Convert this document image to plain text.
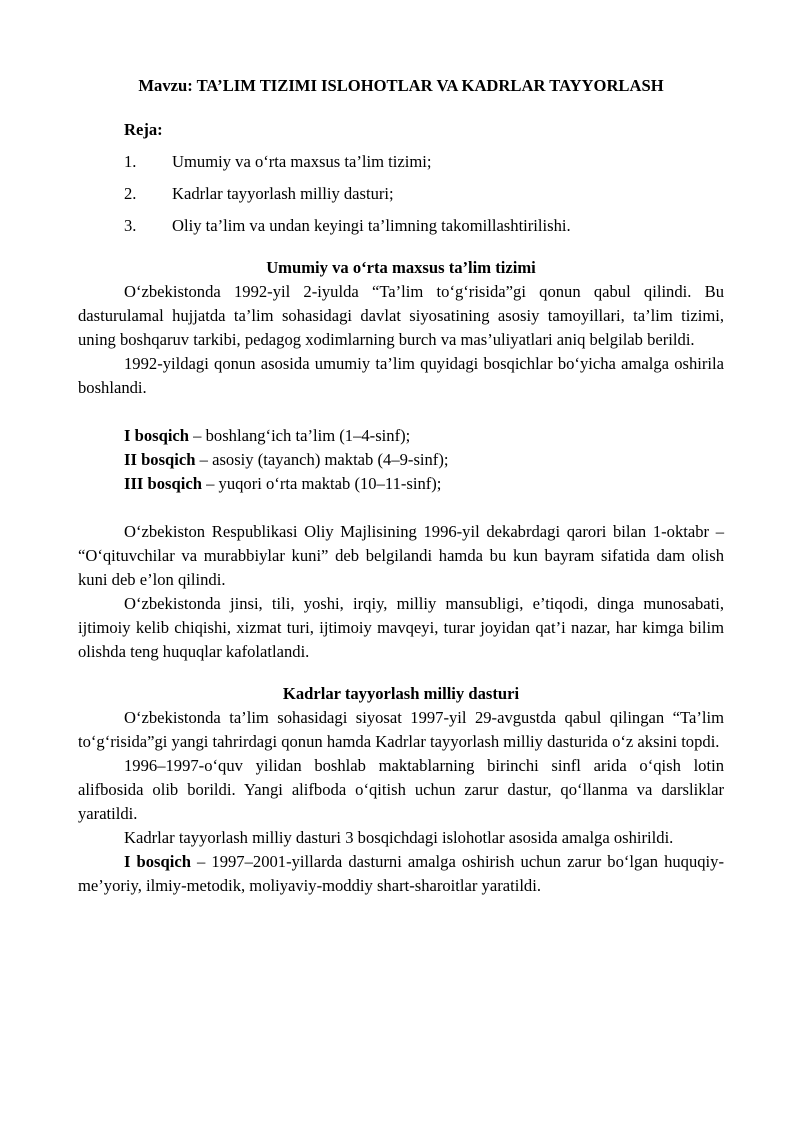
Mavzu: TA’LIM TIZIMI ISLOHOTLAR VA KADRLAR TAYYORLASH
Reja:
1.	Umumiy va o‘rta maxsus ta’lim tizimi;
2.	Kadrlar tayyorlash milliy dasturi;
3.	Oliy ta’lim va undan keyingi ta’limning takomillashtirilishi.
Umumiy va o‘rta maxsus ta’lim tizimi

O‘zbekistonda 1992-yil 2-iyulda “Ta’lim to‘g‘risida”gi qonun qabul qilindi. Bu dasturulamal hujjatda ta’lim sohasidagi davlat siyosatining asosiy tamoyillari, ta’lim tizimi, uning boshqaruv tarkibi, pedagog xodimlarning burch va mas’uliyatlari aniq belgilab berildi.

1992-yildagi qonun asosida umumiy ta’lim quyidagi bosqichlar bo‘yicha amalga oshirila boshlandi.

I bosqich – boshlang‘ich ta’lim (1–4-sinf);
II bosqich – asosiy (tayanch) maktab (4–9-sinf);
III bosqich – yuqori o‘rta maktab (10–11-sinf);

O‘zbekiston Respublikasi Oliy Majlisining 1996-yil dekabrdagi qarori bilan 1-oktabr – “O‘qituvchilar va murabbiylar kuni” deb belgilandi hamda bu kun bayram sifatida dam olish kuni deb e’lon qilindi.

O‘zbekistonda jinsi, tili, yoshi, irqiy, milliy mansubligi, e’tiqodi, dinga munosabati, ijtimoiy kelib chiqishi, xizmat turi, ijtimoiy mavqeyi, turar joyidan qat’i nazar, har kimga bilim olishda teng huquqlar kafolatlandi.

Kadrlar tayyorlash milliy dasturi

O‘zbekistonda ta’lim sohasidagi siyosat 1997-yil 29-avgustda qabul qilingan “Ta’lim to‘g‘risida”gi yangi tahrirdagi qonun hamda Kadrlar tayyorlash milliy dasturida o‘z aksini topdi.

1996–1997-o‘quv yilidan boshlab maktablarning birinchi sinfl arida o‘qish lotin alifbosida olib borildi. Yangi alifboda o‘qitish uchun zarur dastur, qo‘llanma va darsliklar yaratildi.

Kadrlar tayyorlash milliy dasturi 3 bosqichdagi islohotlar asosida amalga oshirildi.

I bosqich – 1997–2001-yillarda dasturni amalga oshirish uchun zarur bo‘lgan huquqiy-me’yoriy, ilmiy-metodik, moliyaviy-moddiy shart-sharoitlar yaratildi.
